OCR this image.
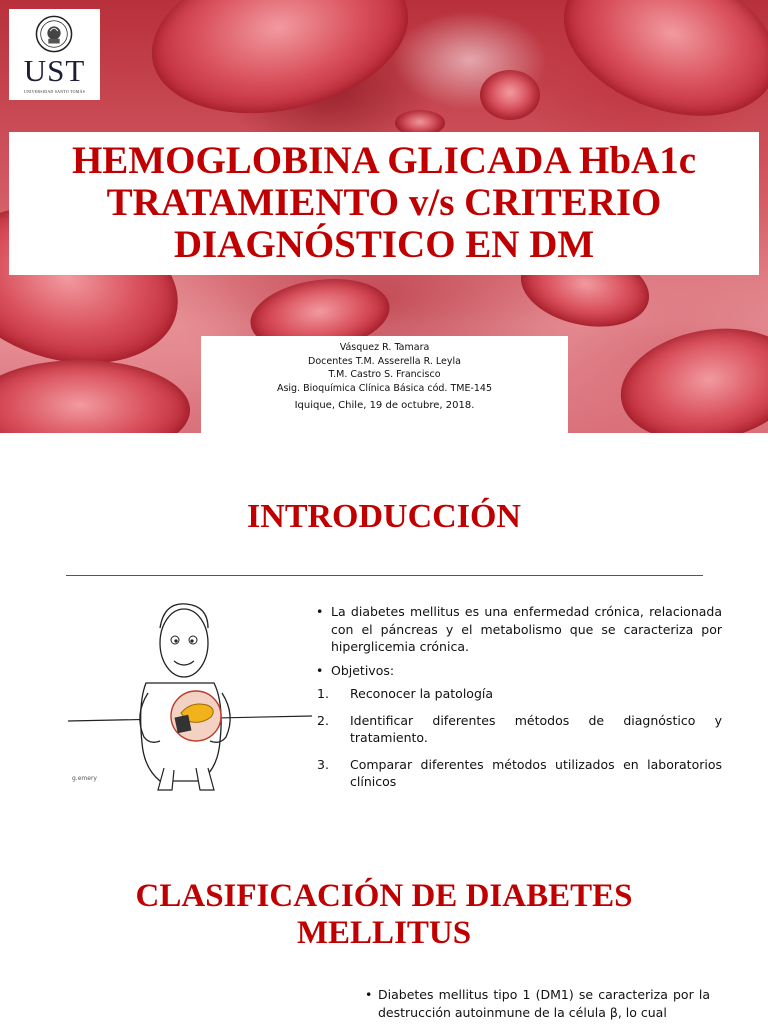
UST
UNIVERSIDAD SANTO TOMÁS
HEMOGLOBINA GLICADA HbA1c
TRATAMIENTO v/s CRITERIO
DIAGNÓSTICO EN DM
Vásquez R. Tamara
Docentes T.M. Asserella R. Leyla
T.M. Castro S. Francisco
Asig. Bioquímica Clínica Básica cód. TME-145
Iquique, Chile, 19 de octubre, 2018.
INTRODUCCIÓN
g.emery
• La diabetes mellitus es una enfermedad crónica, relacionada con el páncreas y el metabolismo que se caracteriza por hiperglicemia crónica.
• Objetivos:
1. Reconocer la patología
2. Identificar diferentes métodos de diagnóstico y tratamiento.
3. Comparar diferentes métodos utilizados en laboratorios clínicos
CLASIFICACIÓN DE DIABETES
MELLITUS
• Diabetes mellitus tipo 1 (DM1) se caracteriza por la destrucción autoinmune de la célula β, lo cual
